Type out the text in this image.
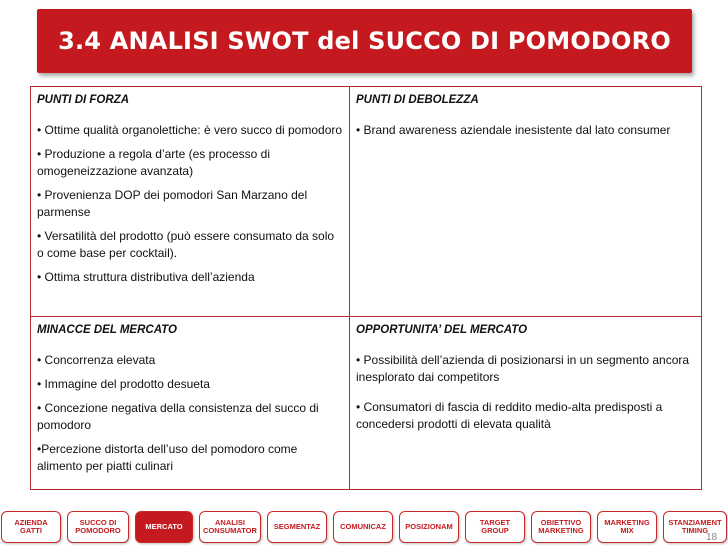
3.4 ANALISI SWOT del SUCCO DI POMODORO
PUNTI DI FORZA
• Ottime qualità organolettiche: è vero succo di pomodoro
• Produzione a regola d’arte (es processo di omogeneizzazione avanzata)
• Provenienza DOP dei pomodori San Marzano del parmense
• Versatilità del prodotto (può essere consumato da solo o come base per cocktail).
• Ottima struttura distributiva dell’azienda
PUNTI DI DEBOLEZZA
• Brand awareness aziendale inesistente dal lato consumer
MINACCE DEL MERCATO
• Concorrenza elevata
• Immagine del prodotto desueta
• Concezione negativa della consistenza del succo di pomodoro
•Percezione distorta dell’uso del pomodoro come alimento per piatti culinari
OPPORTUNITA’ DEL MERCATO
• Possibilità dell’azienda di posizionarsi in un segmento ancora inesplorato dai competitors
• Consumatori di fascia di reddito medio-alta predisposti a concedersi prodotti di elevata qualità
AZIENDA
GATTI
SUCCO DI
POMODORO	MERCATO	ANALISI
CONSUMATOR	SEGMENTAZ	COMUNICAZ	POSIZIONAM	TARGET
GROUP
OBIETTIVO
MARKETING
MARKETING
MIX
STANZIAMENT
TIMING
18
